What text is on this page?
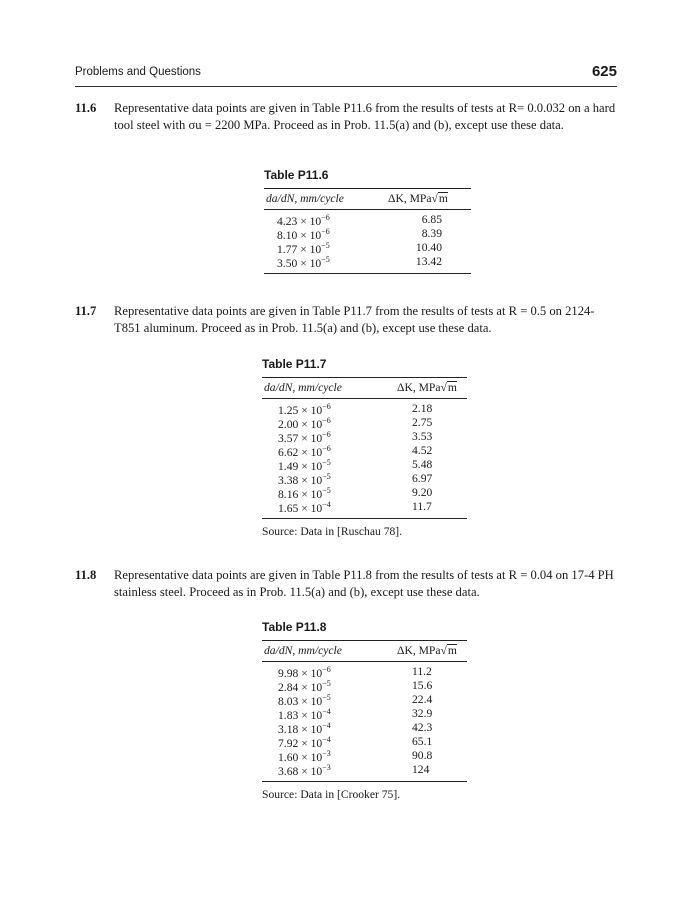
Problems and Questions	625
11.6 Representative data points are given in Table P11.6 from the results of tests at R= 0.0.032 on a hard tool steel with σu = 2200 MPa. Proceed as in Prob. 11.5(a) and (b), except use these data.
Table P11.6
da/dN, mm/cycle	ΔK, MPa√m
$4.23 \times 10^{-6}$	6.85
$8.10 \times 10^{-6}$	8.39
$1.77 \times 10^{-5}$	10.40
$3.50 \times 10^{-5}$	13.42
11.7 Representative data points are given in Table P11.7 from the results of tests at R = 0.5 on 2124-T851 aluminum. Proceed as in Prob. 11.5(a) and (b), except use these data.
Table P11.7
da/dN, mm/cycle	ΔK, MPa√m
$1.25 \times 10^{-6}$	2.18
$2.00 \times 10^{-6}$	2.75
$3.57 \times 10^{-6}$	3.53
$6.62 \times 10^{-6}$	4.52
$1.49 \times 10^{-5}$	5.48
$3.38 \times 10^{-5}$	6.97
$8.16 \times 10^{-5}$	9.20
$1.65 \times 10^{-4}$	11.7
Source: Data in [Ruschau 78].
11.8 Representative data points are given in Table P11.8 from the results of tests at R = 0.04 on 17-4 PH stainless steel. Proceed as in Prob. 11.5(a) and (b), except use these data.
Table P11.8
da/dN, mm/cycle	ΔK, MPa√m
$9.98 \times 10^{-6}$	11.2
$2.84 \times 10^{-5}$	15.6
$8.03 \times 10^{-5}$	22.4
$1.83 \times 10^{-4}$	32.9
$3.18 \times 10^{-4}$	42.3
$7.92 \times 10^{-4}$	65.1
$1.60 \times 10^{-3}$	90.8
$3.68 \times 10^{-3}$	124
Source: Data in [Crooker 75].
